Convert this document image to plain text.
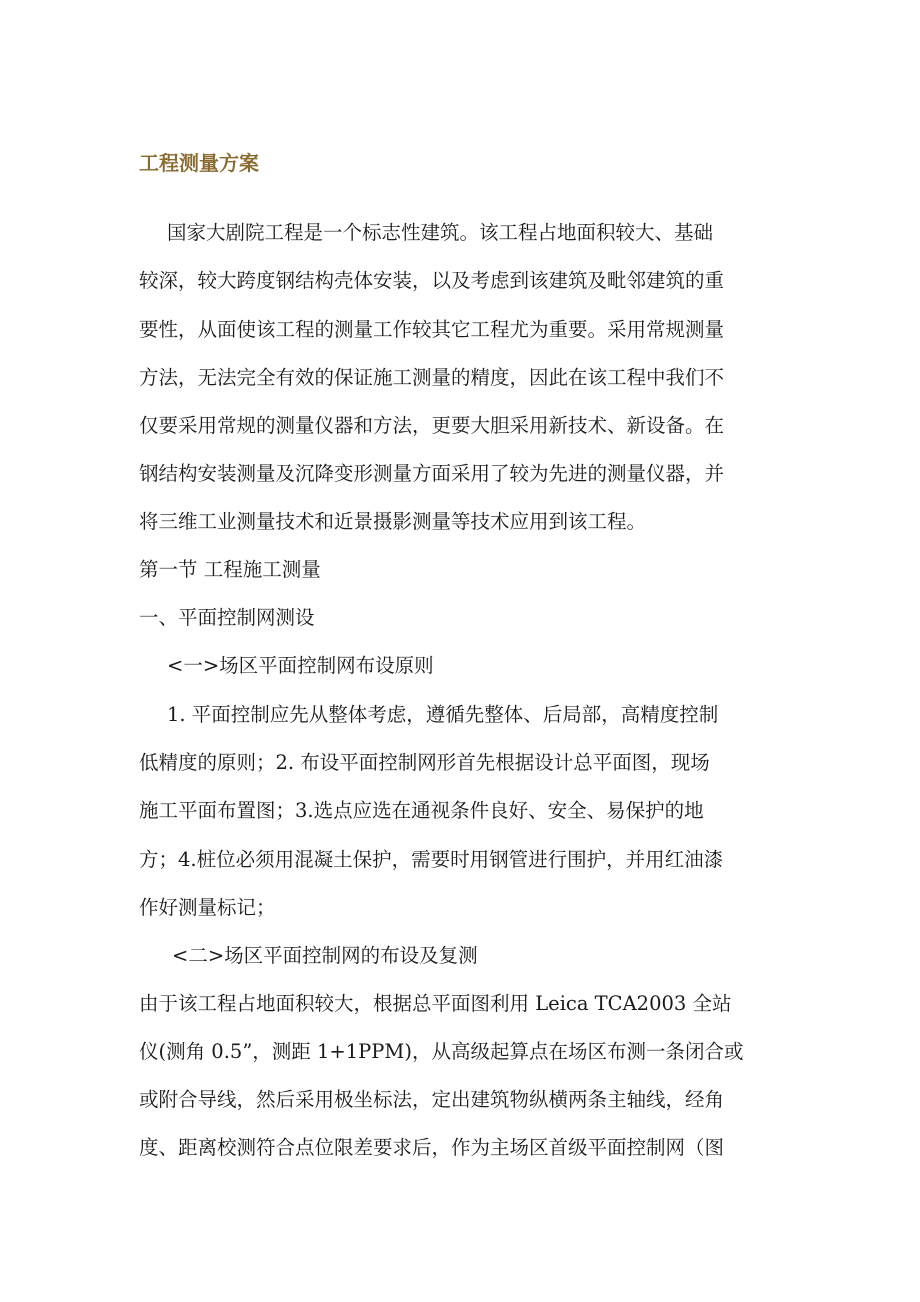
工程测量方案
国家大剧院工程是一个标志性建筑。该工程占地面积较大、基础
较深，较大跨度钢结构壳体安装，以及考虑到该建筑及毗邻建筑的重
要性，从面使该工程的测量工作较其它工程尤为重要。采用常规测量
方法，无法完全有效的保证施工测量的精度，因此在该工程中我们不
仅要采用常规的测量仪器和方法，更要大胆采用新技术、新设备。在
钢结构安装测量及沉降变形测量方面采用了较为先进的测量仪器，并
将三维工业测量技术和近景摄影测量等技术应用到该工程。
第一节 工程施工测量
一、平面控制网测设
<一>场区平面控制网布设原则
1. 平面控制应先从整体考虑，遵循先整体、后局部，高精度控制
低精度的原则；2. 布设平面控制网形首先根据设计总平面图，现场
施工平面布置图；3.选点应选在通视条件良好、安全、易保护的地
方；4.桩位必须用混凝土保护，需要时用钢管进行围护，并用红油漆
作好测量标记；
<二>场区平面控制网的布设及复测
由于该工程占地面积较大，根据总平面图利用 Leica TCA2003 全站
仪(测角 0.5”，测距 1+1PPM)，从高级起算点在场区布测一条闭合或
或附合导线，然后采用极坐标法，定出建筑物纵横两条主轴线，经角
度、距离校测符合点位限差要求后，作为主场区首级平面控制网（图
